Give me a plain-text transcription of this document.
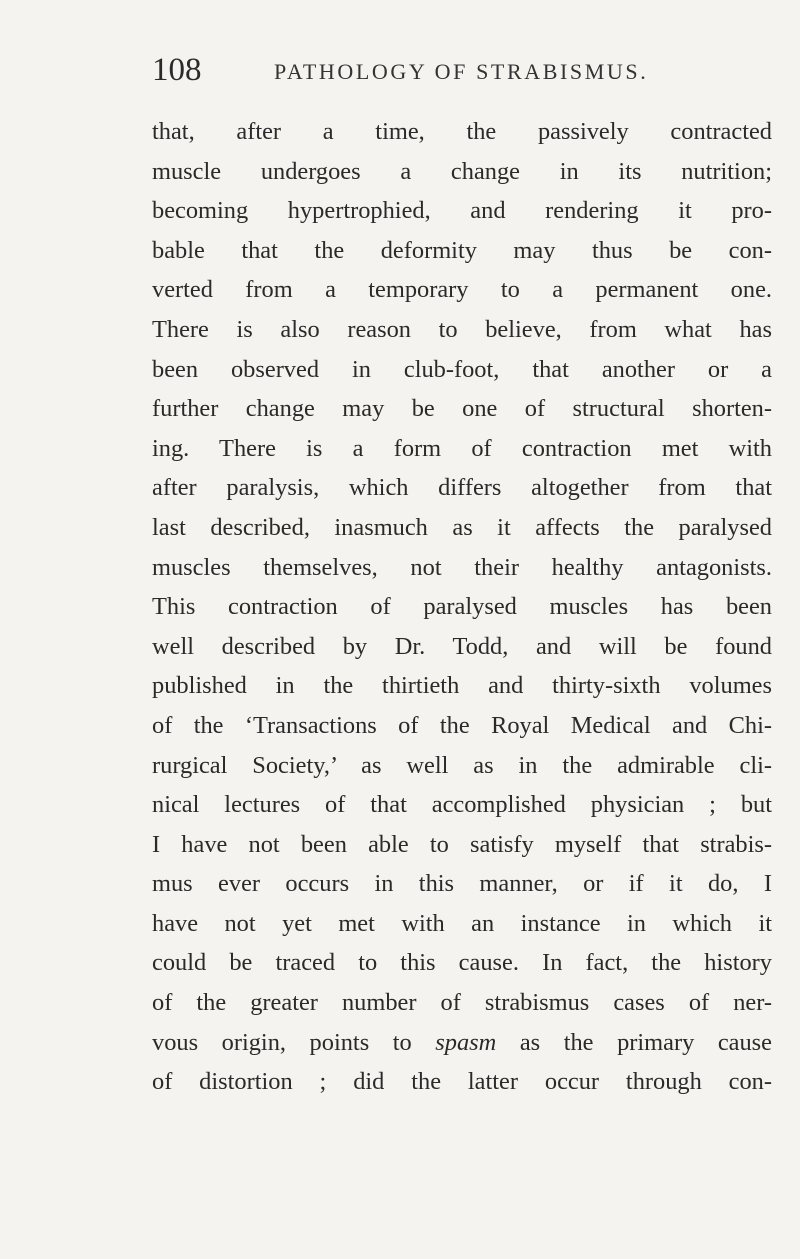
108	PATHOLOGY OF STRABISMUS.
that, after a time, the passively contracted
muscle undergoes a change in its nutrition;
becoming hypertrophied, and rendering it pro-
bable that the deformity may thus be con-
verted from a temporary to a permanent one.
There is also reason to believe, from what has
been observed in club-foot, that another or a
further change may be one of structural shorten-
ing. There is a form of contraction met with
after paralysis, which differs altogether from that
last described, inasmuch as it affects the paralysed
muscles themselves, not their healthy antagonists.
This contraction of paralysed muscles has been
well described by Dr. Todd, and will be found
published in the thirtieth and thirty-sixth volumes
of the ‘Transactions of the Royal Medical and Chi-
rurgical Society,’ as well as in the admirable cli-
nical lectures of that accomplished physician ; but
I have not been able to satisfy myself that strabis-
mus ever occurs in this manner, or if it do, I
have not yet met with an instance in which it
could be traced to this cause. In fact, the history
of the greater number of strabismus cases of ner-
vous origin, points to spasm as the primary cause
of distortion ; did the latter occur through con-
